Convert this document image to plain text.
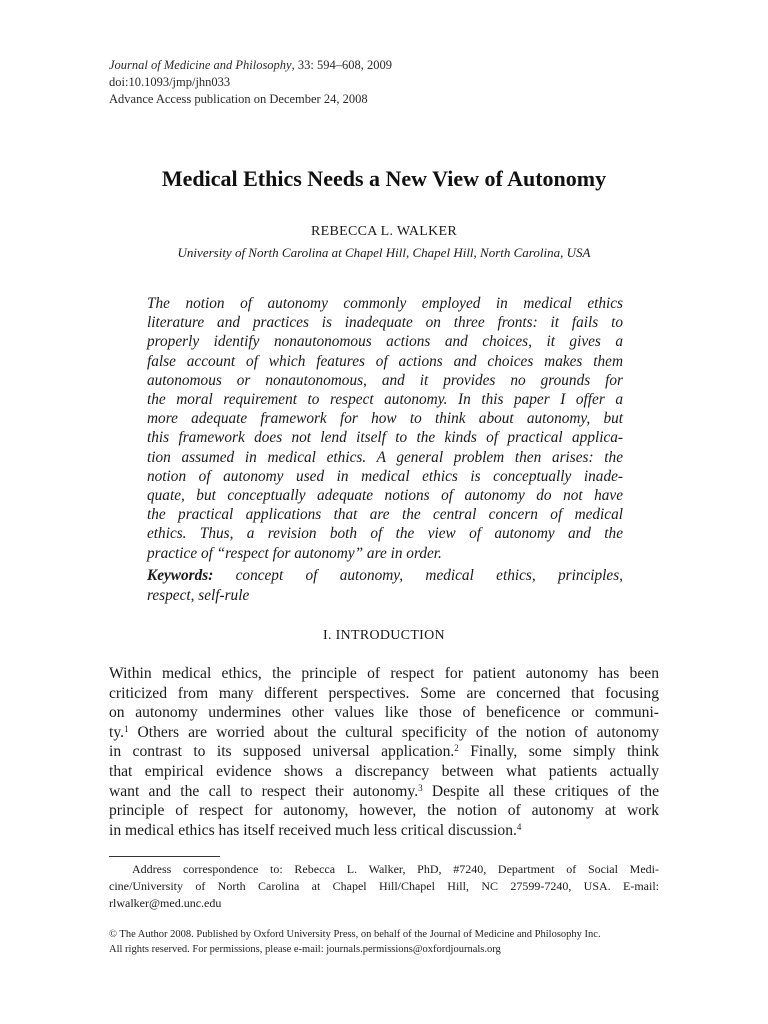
Journal of Medicine and Philosophy, 33: 594–608, 2009
doi:10.1093/jmp/jhn033
Advance Access publication on December 24, 2008
Medical Ethics Needs a New View of Autonomy
REBECCA L. WALKER
University of North Carolina at Chapel Hill, Chapel Hill, North Carolina, USA
The notion of autonomy commonly employed in medical ethics
literature and practices is inadequate on three fronts: it fails to
properly identify nonautonomous actions and choices, it gives a
false account of which features of actions and choices makes them
autonomous or nonautonomous, and it provides no grounds for
the moral requirement to respect autonomy. In this paper I offer a
more adequate framework for how to think about autonomy, but
this framework does not lend itself to the kinds of practical applica-
tion assumed in medical ethics. A general problem then arises: the
notion of autonomy used in medical ethics is conceptually inade-
quate, but conceptually adequate notions of autonomy do not have
the practical applications that are the central concern of medical
ethics. Thus, a revision both of the view of autonomy and the
practice of “respect for autonomy” are in order.
Keywords: concept of autonomy, medical ethics, principles,
respect, self-rule
I. INTRODUCTION
Within medical ethics, the principle of respect for patient autonomy has been
criticized from many different perspectives. Some are concerned that focusing
on autonomy undermines other values like those of beneficence or communi-
ty.$^1$ Others are worried about the cultural specificity of the notion of autonomy
in contrast to its supposed universal application.$^2$ Finally, some simply think
that empirical evidence shows a discrepancy between what patients actually
want and the call to respect their autonomy.$^3$ Despite all these critiques of the
principle of respect for autonomy, however, the notion of autonomy at work
in medical ethics has itself received much less critical discussion.$^4$
Address correspondence to: Rebecca L. Walker, PhD, #7240, Department of Social Medi-
cine/University of North Carolina at Chapel Hill/Chapel Hill, NC 27599-7240, USA. E-mail:
rlwalker@med.unc.edu
© The Author 2008. Published by Oxford University Press, on behalf of the Journal of Medicine and Philosophy Inc.
All rights reserved. For permissions, please e-mail: journals.permissions@oxfordjournals.org
